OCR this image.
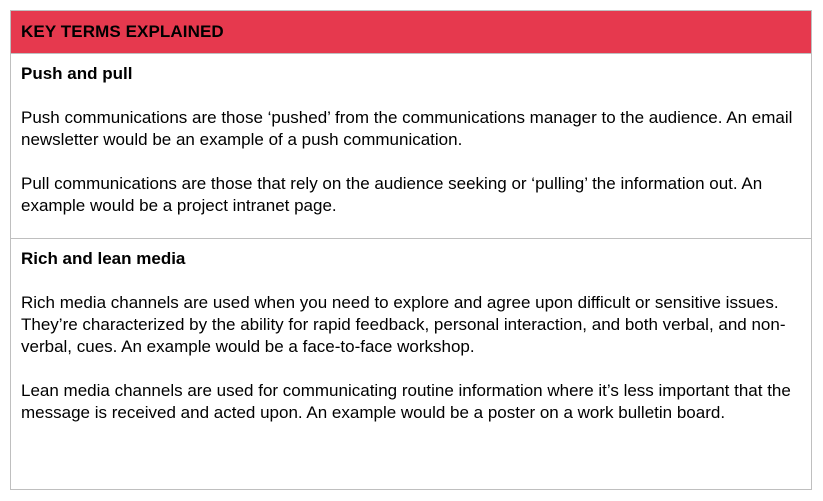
KEY TERMS EXPLAINED
Push and pull

Push communications are those ‘pushed’ from the communications manager to the audience. An email newsletter would be an example of a push communication.

Pull communications are those that rely on the audience seeking or ‘pulling’ the information out. An example would be a project intranet page.

Rich and lean media

Rich media channels are used when you need to explore and agree upon difficult or sensitive issues. They’re characterized by the ability for rapid feedback, personal interaction, and both verbal, and non-verbal, cues. An example would be a face-to-face workshop.

Lean media channels are used for communicating routine information where it’s less important that the message is received and acted upon. An example would be a poster on a work bulletin board.
